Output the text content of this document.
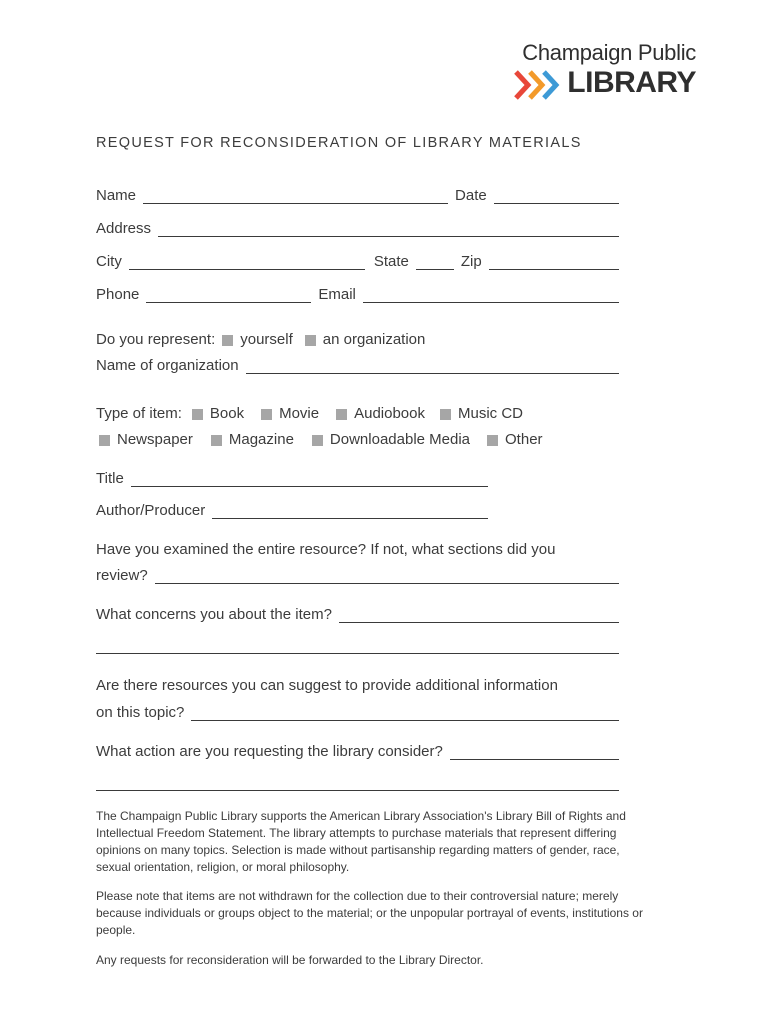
Champaign Public
LIBRARY
REQUEST FOR RECONSIDERATION OF LIBRARY MATERIALS
Name	Date
Address
City	State	Zip
Phone	Email
Do you represent: yourself an organization
Name of organization
Type of item: Book Movie Audiobook Music CD
Newspaper Magazine Downloadable Media Other
Title
Author/Producer
Have you examined the entire resource? If not, what sections did you
review?
What concerns you about the item?
Are there resources you can suggest to provide additional information
on this topic?
What action are you requesting the library consider?
The Champaign Public Library supports the American Library Association's Library Bill of Rights and Intellectual Freedom Statement. The library attempts to purchase materials that represent differing opinions on many topics. Selection is made without partisanship regarding matters of gender, race, sexual orientation, religion, or moral philosophy.
Please note that items are not withdrawn for the collection due to their controversial nature; merely because individuals or groups object to the material; or the unpopular portrayal of events, institutions or people.
Any requests for reconsideration will be forwarded to the Library Director.
